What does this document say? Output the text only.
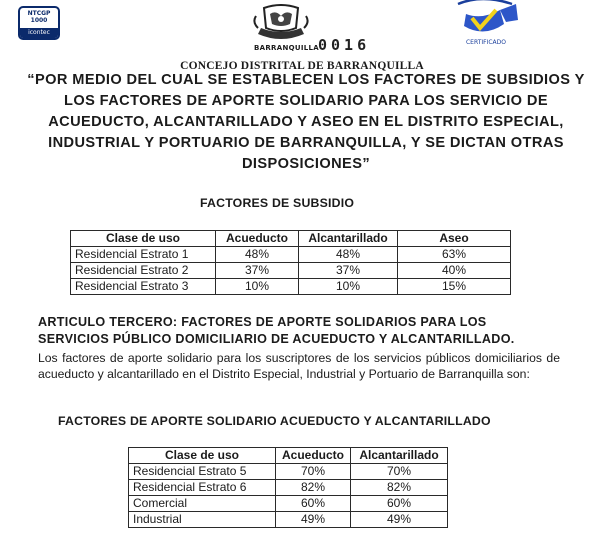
NTCGP
1000
icontec
BARRANQUILLA 0016	CERTIFICADO
CONCEJO DISTRITAL DE BARRANQUILLA
“POR MEDIO DEL CUAL SE ESTABLECEN LOS FACTORES DE SUBSIDIOS Y LOS FACTORES DE APORTE SOLIDARIO PARA LOS SERVICIO DE ACUEDUCTO, ALCANTARILLADO Y ASEO EN EL DISTRITO ESPECIAL, INDUSTRIAL Y PORTUARIO DE BARRANQUILLA, Y SE DICTAN OTRAS DISPOSICIONES”
FACTORES DE SUBSIDIO
Clase de uso	Acueducto	Alcantarillado	Aseo
Residencial Estrato 1	48%	48%	63%
Residencial Estrato 2	37%	37%	40%
Residencial Estrato 3	10%	10%	15%
ARTICULO TERCERO: FACTORES DE APORTE SOLIDARIOS PARA LOS SERVICIOS PÚBLICO DOMICILIARIO DE ACUEDUCTO Y ALCANTARILLADO.
Los factores de aporte solidario para los suscriptores de los servicios públicos domiciliarios de acueducto y alcantarillado en el Distrito Especial, Industrial y Portuario de Barranquilla son:
FACTORES DE APORTE SOLIDARIO ACUEDUCTO Y ALCANTARILLADO
Clase de uso	Acueducto	Alcantarillado
Residencial Estrato 5	70%	70%
Residencial Estrato 6	82%	82%
Comercial	60%	60%
Industrial	49%	49%
